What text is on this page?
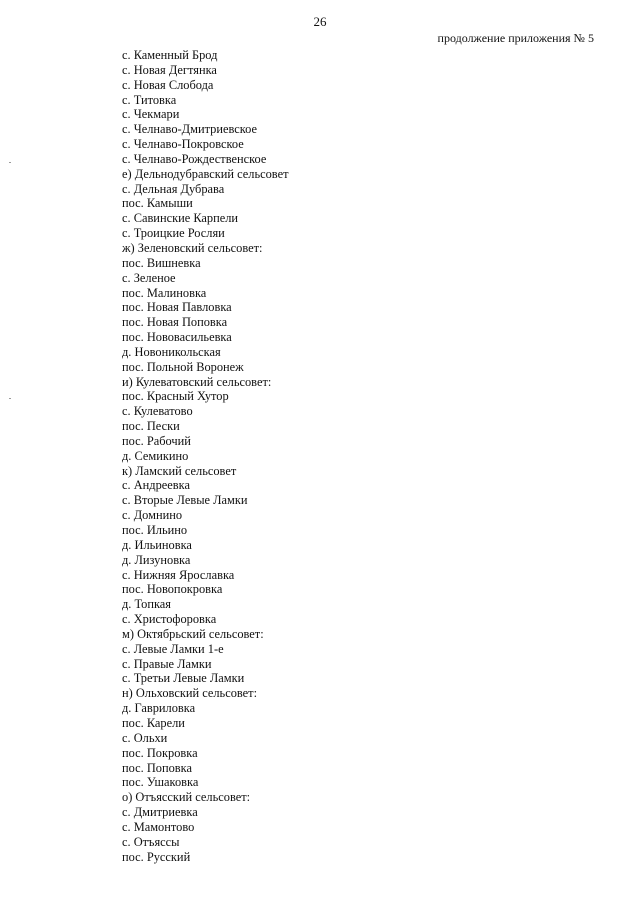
26
продолжение приложения № 5
с. Каменный Брод
с. Новая Дегтянка
с. Новая Слобода
с. Титовка
с. Чекмари
с. Челнаво-Дмитриевское
с. Челнаво-Покровское
с. Челнаво-Рождественское
е) Дельнодубравский сельсовет
с. Дельная Дубрава
пос. Камыши
с. Савинские Карпели
с. Троицкие Росляи
ж) Зеленовский сельсовет:
пос. Вишневка
с. Зеленое
пос. Малиновка
пос. Новая Павловка
пос. Новая Поповка
пос. Нововасильевка
д. Новоникольская
пос. Польной Воронеж
и) Кулеватовский сельсовет:
пос. Красный Хутор
с. Кулеватово
пос. Пески
пос. Рабочий
д. Семикино
к) Ламский сельсовет
с. Андреевка
с. Вторые Левые Ламки
с. Домнино
пос. Ильино
д. Ильиновка
д. Лизуновка
с. Нижняя Ярославка
пос. Новопокровка
д. Топкая
с. Христофоровка
м) Октябрьский сельсовет:
с. Левые Ламки 1-е
с. Правые Ламки
с. Третьи Левые Ламки
н) Ольховский сельсовет:
д. Гавриловка
пос. Карели
с. Ольхи
пос. Покровка
пос. Поповка
пос. Ушаковка
о) Отъясский сельсовет:
с. Дмитриевка
с. Мамонтово
с. Отъяссы
пос. Русский
